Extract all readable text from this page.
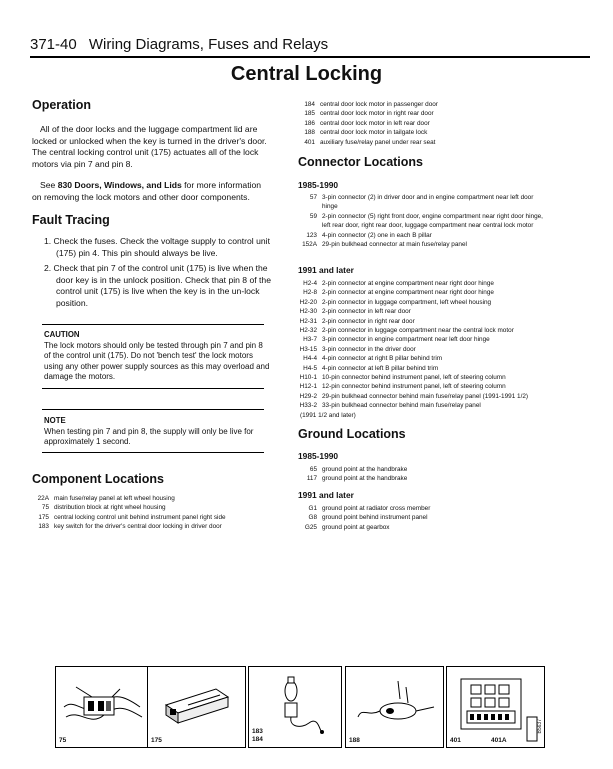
371-40 Wiring Diagrams, Fuses and Relays
Central Locking
Operation
All of the door locks and the luggage compartment lid are locked or unlocked when the key is turned in the driver's door. The central locking control unit (175) actuates all of the lock motors via pin 7 and pin 8.
See 830 Doors, Windows, and Lids for more information on removing the lock motors and other door components.
Fault Tracing
1. Check the fuses. Check the voltage supply to control unit (175) pin 4. This pin should always be live.
2. Check that pin 7 of the control unit (175) is live when the door key is in the unlock position. Check that pin 8 of the control unit (175) is live when the key is in the un-lock position.
CAUTION
The lock motors should only be tested through pin 7 and pin 8 of the control unit (175). Do not 'bench test' the lock motors using any other power supply sources as this may overload and damage the motors.
NOTE
When testing pin 7 and pin 8, the supply will only be live for approximately 1 second.
Component Locations
22A main fuse/relay panel at left wheel housing
75 distribution block at right wheel housing
175 central locking control unit behind instrument panel right side
183 key switch for the driver's central door locking in driver door
184 central door lock motor in passenger door
185 central door lock motor in right rear door
186 central door lock motor in left rear door
188 central door lock motor in tailgate lock
401 auxiliary fuse/relay panel under rear seat
Connector Locations
1985-1990
57 3-pin connector (2) in driver door and in engine compartment near left door hinge
59 2-pin connector (5) right front door, engine compartment near right door hinge, left rear door, right rear door, luggage compartment near central lock motor
123 4-pin connector (2) one in each B pillar
152A 29-pin bulkhead connector at main fuse/relay panel
1991 and later
H2-4 2-pin connector at engine compartment near right door hinge
H2-8 2-pin connector at engine compartment near right door hinge
H2-20 2-pin connector in luggage compartment, left wheel housing
H2-30 2-pin connector in left rear door
H2-31 2-pin connector in right rear door
H2-32 2-pin connector in luggage compartment near the central lock motor
H3-7 3-pin connector in engine compartment near left door hinge
H3-15 3-pin connector in the driver door
H4-4 4-pin connector at right B pillar behind trim
H4-5 4-pin connector at left B pillar behind trim
H10-1 10-pin connector behind instrument panel, left of steering column
H12-1 12-pin connector behind instrument panel, left of steering column
H29-2 29-pin bulkhead connector behind main fuse/relay panel (1991-1991 1/2)
H33-2 33-pin bulkhead connector behind main fuse/relay panel
(1991 1/2 and later)
Ground Locations
1985-1990
65 ground point at the handbrake
117 ground point at the handbrake
1991 and later
G1 ground point at radiator cross member
G8 ground point behind instrument panel
G25 ground point at gearbox
75	175
183
184	188	401	401A
B5637
